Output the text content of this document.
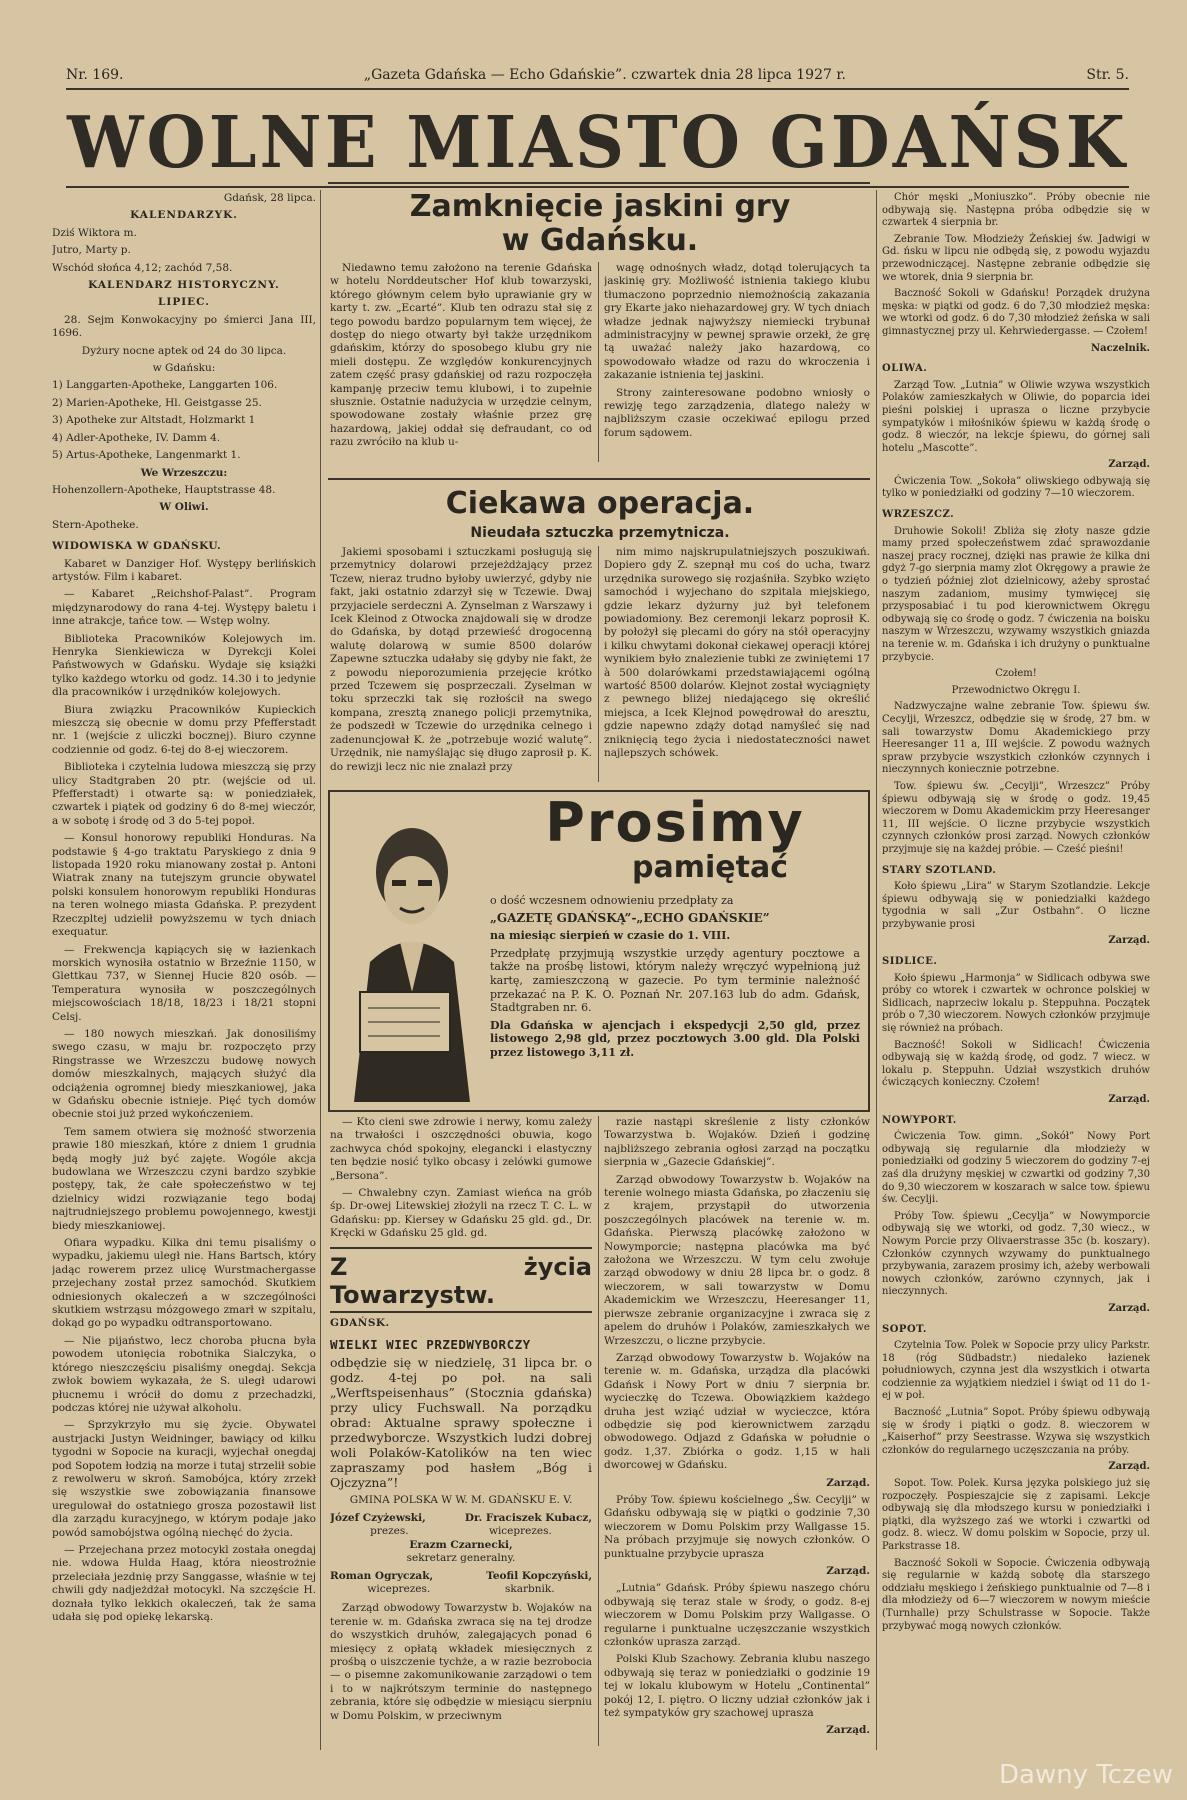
Nr. 169.	„Gazeta Gdańska — Echo Gdańskie”. czwartek dnia 28 lipca 1927 r.	Str. 5.
WOLNE MIASTO GDAŃSK

Gdańsk, 28 lipca.

KALENDARZYK.

Dziś Wiktora m.

Jutro, Marty p.

Wschód słońca 4,12; zachód 7,58.

KALENDARZ HISTORYCZNY.

LIPIEC.

28. Sejm Konwokacyjny po śmierci Jana III, 1696.

Dyżury nocne aptek od 24 do 30 lipca.

w Gdańsku:

1) Langgarten-Apotheke, Langgarten 106.

2) Marien-Apotheke, Hl. Geistgasse 25.

3) Apotheke zur Altstadt, Holzmarkt 1

4) Adler-Apotheke, IV. Damm 4.

5) Artus-Apotheke, Langenmarkt 1.

We Wrzeszczu:

Hohenzollern-Apotheke, Hauptstrasse 48.

W Oliwi.

Stern-Apotheke.

WIDOWISKA W GDAŃSKU.

Kabaret w Danziger Hof. Występy berlińskich artystów. Film i kabaret.

— Kabaret „Reichshof-Palast”. Program międzynarodowy do rana 4-tej. Występy baletu i inne atrakcje, tańce tow. — Wstęp wolny.

Biblioteka Pracowników Kolejowych im. Henryka Sienkiewicza w Dyrekcji Kolei Państwowych w Gdańsku. Wydaje się książki tylko każdego wtorku od godz. 14.30 i to jedynie dla pracowników i urzędników kolejowych.

Biura związku Pracowników Kupieckich mieszczą się obecnie w domu przy Pfefferstadt nr. 1 (wejście z uliczki bocznej). Biuro czynne codziennie od godz. 6-tej do 8-ej wieczorem.

Biblioteka i czytelnia ludowa mieszczą się przy ulicy Stadtgraben 20 ptr. (wejście od ul. Pfefferstadt) i otwarte są: w poniedziałek, czwartek i piątek od godziny 6 do 8-mej wieczór, a w sobotę i środę od 3 do 5-tej popoł.

— Konsul honorowy republiki Honduras. Na podstawie § 4-go traktatu Paryskiego z dnia 9 listopada 1920 roku mianowany został p. Antoni Wiatrak znany na tutejszym gruncie obywatel polski konsulem honorowym republiki Honduras na teren wolnego miasta Gdańska. P. prezydent Rzeczpltej udzielił powyższemu w tych dniach exequatur.

— Frekwencja kąpiących się w łazienkach morskich wynosiła ostatnio w Brzeźnie 1150, w Glettkau 737, w Siennej Hucie 820 osób. — Temperatura wynosiła w poszczególnych miejscowościach 18/18, 18/23 i 18/21 stopni Celsj.

— 180 nowych mieszkań. Jak donosiliśmy swego czasu, w maju br. rozpoczęto przy Ringstrasse we Wrzeszczu budowę nowych domów mieszkalnych, mających służyć dla odciążenia ogromnej biedy mieszkaniowej, jaka w Gdańsku obecnie istnieje. Pięć tych domów obecnie stoi już przed wykończeniem.

Tem samem otwiera się możność stworzenia prawie 180 mieszkań, które z dniem 1 grudnia będą mogły już być zajęte. Wogóle akcja budowlana we Wrzeszczu czyni bardzo szybkie postępy, tak, że całe społeczeństwo w tej dzielnicy widzi rozwiązanie tego bodaj najtrudniejszego problemu powojennego, kwestji biedy mieszkaniowej.

Ofiara wypadku. Kilka dni temu pisaliśmy o wypadku, jakiemu uległ nie. Hans Bartsch, który jadąc rowerem przez ulicę Wurstmachergasse przejechany został przez samochód. Skutkiem odniesionych okaleczeń a w szczególności skutkiem wstrząsu mózgowego zmarł w szpitalu, dokąd go po wypadku odtransportowano.

— Nie pijaństwo, lecz choroba płucna była powodem utonięcia robotnika Sialczyka, o którego nieszczęściu pisaliśmy onegdaj. Sekcja zwłok bowiem wykazała, że S. uległ udarowi płucnemu i wrócił do domu z przechadzki, podczas której nie używał alkoholu.

— Sprzykrzyło mu się życie. Obywatel austrjacki Justyn Weidninger, bawiący od kilku tygodni w Sopocie na kuracji, wyjechał onegdaj pod Sopotem łodzią na morze i tutaj strzelił sobie z rewolweru w skroń. Samobójca, który zrzekł się wszystkie swe zobowiązania finansowe uregulował do ostatniego grosza pozostawił list dla zarządu kuracyjnego, w którym podaje jako powód samobójstwa ogólną niechęć do życia.

— Przejechana przez motocykl została onegdaj nie. wdowa Hulda Haag, która nieostrożnie przeleciała jezdnię przy Sanggasse, właśnie w tej chwili gdy nadjeżdżał motocykl. Na szczęście H. doznała tylko lekkich okaleczeń, tak że sama udała się pod opiekę lekarską.

Zamknięcie jaskini gry
w Gdańsku.

Niedawno temu założono na terenie Gdańska w hotelu Norddeutscher Hof klub towarzyski, którego głównym celem było uprawianie gry w karty t. zw. „Ecarté”. Klub ten odrazu stał się z tego powodu bardzo popularnym tem więcej, że dostęp do niego otwarty był także urzędnikom gdańskim, którzy do sposobego klubu gry nie mieli dostępu. Ze względów konkurencyjnych zatem część prasy gdańskiej od razu rozpoczęła kampanję przeciw temu klubowi, i to zupełnie słusznie. Ostatnie nadużycia w urzędzie celnym, spowodowane zostały właśnie przez grę hazardową, jakiej oddał się defraudant, co od razu zwróciło na klub u-

wagę odnośnych władz, dotąd tolerujących ta jaskinię gry. Możliwość istnienia takiego klubu tłumaczono poprzednio niemożnością zakazania gry Ekarte jako niehazardowej gry. W tych dniach władze jednak najwyższy niemiecki trybunał administracyjny w pewnej sprawie orzekł, że grę tą uważać należy jako hazardową, co spowodowało władze od razu do wkroczenia i zakazanie istnienia tej jaskini.

Strony zainteresowane podobno wniosły o rewizję tego zarządzenia, dlatego należy w najbliższym czasie oczekiwać epilogu przed forum sądowem.

Ciekawa operacja.
Nieudała sztuczka przemytnicza.

Jakiemi sposobami i sztuczkami posługują się przemytnicy dolarowi przejeżdżający przez Tczew, nieraz trudno byłoby uwierzyć, gdyby nie fakt, jaki ostatnio zdarzył się w Tczewie. Dwaj przyjaciele serdeczni A. Zynselman z Warszawy i Icek Kleinod z Otwocka znajdowali się w drodze do Gdańska, by dotąd przewieść drogocenną walutę dolarową w sumie 8500 dolarów Zapewne sztuczka udałaby się gdyby nie fakt, że z powodu nieporozumienia przejęcie krótko przed Tczewem się posprzeczali. Zyselman w toku sprzeczki tak się rozłościł na swego kompana, zresztą znanego policji przemytnika, że podszedł w Tczewie do urzędnika celnego i zadenuncjował K. że „potrzebuje wozić walutę”. Urzędnik, nie namyślając się długo zaprosił p. K. do rewizji lecz nic nie znalazł przy

nim mimo najskrupulatniejszych poszukiwań. Dopiero gdy Z. szepnął mu coś do ucha, twarz urzędnika surowego się rozjaśniła. Szybko wzięto samochód i wyjechano do szpitala miejskiego, gdzie lekarz dyżurny już był telefonem powiadomiony. Bez ceremonji lekarz poprosił K. by położył się plecami do góry na stół operacyjny i kilku chwytami dokonał ciekawej operacji której wynikiem było znalezienie tubki ze zwiniętemi 17 à 500 dolarówkami przedstawiającemi ogólną wartość 8500 dolarów. Klejnot został wyciągnięty z pewnego bliżej niedającego się określić miejsca, a Icek Klejnod powędrował do aresztu, gdzie napewno zdąży dotąd namyśleć się nad zniknięcią tego życia i niedostateczności nawet najlepszych schówek.

Prosimy
pamiętać

o dość wczesnem odnowieniu przedpłaty za

„GAZETĘ GDAŃSKĄ”-„ECHO GDAŃSKIE”

na miesiąc sierpień w czasie do 1. VIII.

Przedpłatę przyjmują wszystkie urzędy agentury pocztowe a także na prośbę listowi, którym należy wręczyć wypełnioną już kartę, zamieszczoną w gazecie. Po tym terminie należność przekazać na P. K. O. Poznań Nr. 207.163 lub do adm. Gdańsk, Stadtgraben nr. 6.

Dla Gdańska w ajencjach i ekspedycji 2,50 gld, przez listowego 2,98 gld, przez pocztowych 3.00 gld. Dla Polski przez listowego 3,11 zł.

— Kto cieni swe zdrowie i nerwy, komu zależy na trwałości i oszczędności obuwia, kogo zachwyca chód spokojny, elegancki i elastyczny ten będzie nosić tylko obcasy i zelówki gumowe „Bersona”.

— Chwalebny czyn. Zamiast wieńca na grób śp. Dr-owej Litewskiej złożyli na rzecz T. C. L. w Gdańsku: pp. Kiersey w Gdańsku 25 gld. gd., Dr. Kręcki w Gdańsku 25 gld. gd.

Z życia Towarzystw.

GDAŃSK.

WIELKI WIEC PRZEDWYBORCZY

odbędzie się w niedzielę, 31 lipca br. o godz. 4-tej po poł. na sali „Werftspeisenhaus” (Stocznia gdańska) przy ulicy Fuchswall. Na porządku obrad: Aktualne sprawy społeczne i przedwyborcze. Wszystkich ludzi dobrej woli Polaków-Katolików na ten wiec zapraszamy pod hasłem „Bóg i Ojczyzna”!

GMINA POLSKA W W. M. GDAŃSKU E. V.

Józef Czyżewski,	Dr. Fraciszek Kubacz,
prezes.	wiceprezes.

Erazm Czarnecki,

sekretarz generalny.

Roman Ogryczak,	Teofil Kopczyński,
wiceprezes.	skarbnik.

Zarząd obwodowy Towarzystw b. Wojaków na terenie w. m. Gdańska zwraca się na tej drodze do wszystkich druhów, zalegających ponad 6 miesięcy z opłatą wkładek miesięcznych z prośbą o uiszczenie tychże, a w razie bezrobocia — o pisemne zakomunikowanie zarządowi o tem i to w najkrótszym terminie do następnego zebrania, które się odbędzie w miesiącu sierpniu w Domu Polskim, w przeciwnym

razie nastąpi skreślenie z listy członków Towarzystwa b. Wojaków. Dzień i godzinę najbliższego zebrania ogłosi zarząd na początku sierpnia w „Gazecie Gdańskiej”.

Zarząd obwodowy Towarzystw b. Wojaków na terenie wolnego miasta Gdańska, po złaczeniu się z krajem, przystąpił do utworzenia poszczególnych placówek na terenie w. m. Gdańska. Pierwszą placówkę założono w Nowymporcie; następna placówka ma być założona we Wrzeszczu. W tym celu zwołuje zarząd obwodowy w dniu 28 lipca br. o godz. 8 wieczorem, w sali towarzystw w Domu Akademickim we Wrzeszczu, Heeresanger 11, pierwsze zebranie organizacyjne i zwraca się z apelem do druhów i Polaków, zamieszkałych we Wrzeszczu, o liczne przybycie.

Zarząd obwodowy Towarzystw b. Wojaków na terenie w. m. Gdańska, urządza dla placówki Gdańsk i Nowy Port w dniu 7 sierpnia br. wycieczkę do Tczewa. Obowiązkiem każdego druha jest wziąć udział w wycieczce, która odbędzie się pod kierownictwem zarządu obwodowego. Odjazd z Gdańska w południe o godz. 1,37. Zbiórka o godz. 1,15 w hali dworcowej w Gdańsku.

Zarząd.

Próby Tow. śpiewu kościelnego „Św. Cecylji” w Gdańsku odbywają się w piątki o godzinie 7,30 wieczorem w Domu Polskim przy Wallgasse 15. Na próbach przyjmuje się nowych członków. O punktualne przybycie uprasza

Zarząd.

„Lutnia” Gdańsk. Próby śpiewu naszego chóru odbywają się teraz stale w środy, o godz. 8-ej wieczorem w Domu Polskim przy Wallgasse. O regularne i punktualne uczęszczanie wszystkich członków uprasza zarząd.

Polski Klub Szachowy. Zebrania klubu naszego odbywają się teraz w poniedziałki o godzinie 19 tej w lokalu klubowym w Hotelu „Continental” pokój 12, I. piętro. O liczny udział członków jak i też sympatyków gry szachowej uprasza

Zarząd.

Chór męski „Moniuszko”. Próby obecnie nie odbywają się. Następna próba odbędzie się w czwartek 4 sierpnia br.

Zebranie Tow. Młodzieży Żeńskiej św. Jadwigi w Gd. ńsku w lipcu nie odbędą się, z powodu wyjazdu przewodniczącej. Następne zebranie odbędzie się we wtorek, dnia 9 sierpnia br.

Baczność Sokoli w Gdańsku! Porządek drużyna męska: w piątki od godz. 6 do 7,30 młodzież męska: we wtorki od godz. 6 do 7,30 młodzież żeńska w sali gimnastycznej przy ul. Kehrwiedergasse. — Czołem!

Naczelnik.

OLIWA.

Zarząd Tow. „Lutnia” w Oliwie wzywa wszystkich Polaków zamieszkałych w Oliwie, do poparcia idei pieśni polskiej i uprasza o liczne przybycie sympatyków i miłośników śpiewu w każdą środę o godz. 8 wieczór, na lekcje śpiewu, do górnej sali hotelu „Mascotte”.

Zarząd.

Ćwiczenia Tow. „Sokoła” oliwskiego odbywają się tylko w poniedziałki od godziny 7—10 wieczorem.

WRZESZCZ.

Druhowie Sokoli! Zbliża się złoty nasze gdzie mamy przed społeczeństwem zdać sprawozdanie naszej pracy rocznej, dzięki nas prawie że kilka dni gdyż 7-go sierpnia mamy zlot Okręgowy a prawie że o tydzień później zlot dzielnicowy, ażeby sprostać naszym zadaniom, musimy tymwięcej się przysposabiać i tu pod kierownictwem Okręgu odbywają się co środę o godz. 7 ćwiczenia na boisku naszym w Wrzeszczu, wzywamy wszystkich gniazda na terenie w. m. Gdańska i ich drużyny o punktualne przybycie.

Czołem!

Przewodnictwo Okręgu I.

Nadzwyczajne walne zebranie Tow. śpiewu św. Cecylji, Wrzeszcz, odbędzie się w środę, 27 bm. w sali towarzystw Domu Akademickiego przy Heeresanger 11 a, III wejście. Z powodu ważnych spraw przybycie wszystkich członków czynnych i nieczynnych koniecznie potrzebne.

Tow. śpiewu św. „Cecylji”, Wrzeszcz” Próby śpiewu odbywają się w środę o godz. 19,45 wieczorem w Domu Akademickim przy Heeresanger 11, III wejście. O liczne przybycie wszystkich czynnych członków prosi zarząd. Nowych członków przyjmuje się na każdej próbie. — Cześć pieśni!

STARY SZOTLAND.

Koło śpiewu „Lira” w Starym Szotlandzie. Lekcje śpiewu odbywają się w poniedziałki każdego tygodnia w sali „Zur Ostbahn”. O liczne przybywanie prosi

Zarząd.

SIDLICE.

Koło śpiewu „Harmonja” w Sidlicach odbywa swe próby co wtorek i czwartek w ochronce polskiej w Sidlicach, naprzeciw lokalu p. Steppuhna. Początek prób o 7,30 wieczorem. Nowych członków przyjmuje się również na próbach.

Baczność! Sokoli w Sidlicach! Ćwiczenia odbywają się w każdą środę, od godz. 7 wiecz. w lokalu p. Steppuhn. Udział wszystkich druhów ćwiczących konieczny. Czołem!

Zarząd.

NOWYPORT.

Ćwiczenia Tow. gimn. „Sokół” Nowy Port odbywają się regularnie dla młodzieży w poniedziałki od godziny 5 wieczorem do godziny 7-ej zaś dla drużyny męskiej w czwartki od godziny 7,30 do 9,30 wieczorem w koszarach w salce tow. śpiewu św. Cecylji.

Próby Tow. śpiewu „Cecylja” w Nowymporcie odbywają się we wtorki, od godz. 7,30 wiecz., w Nowym Porcie przy Olivaerstrasse 35c (b. koszary). Członków czynnych wzywamy do punktualnego przybywania, zarazem prosimy ich, ażeby werbowali nowych członków, zarówno czynnych, jak i nieczynnych.

Zarząd.

SOPOT.

Czytelnia Tow. Polek w Sopocie przy ulicy Parkstr. 18 (róg Südbadstr.) niedaleko łazienek południowych, czynna jest dla wszystkich i otwarta codziennie za wyjątkiem niedziel i świąt od 11 do 1-ej w poł.

Baczność „Lutnia” Sopot. Próby śpiewu odbywają się w środy i piątki o godz. 8. wieczorem w „Kaiserhof” przy Seestrasse. Wzywa się wszystkich członków do regularnego uczęszczania na próby.

Zarząd.

Sopot. Tow. Polek. Kursa języka polskiego już się rozpoczęły. Pospieszajcie się z zapisami. Lekcje odbywają się dla młodszego kursu w poniedziałki i piątki, dla wyższego zaś we wtorki i czwartki od godz. 8. wiecz. W domu polskim w Sopocie, przy ul. Parkstrasse 18.

Baczność Sokoli w Sopocie. Ćwiczenia odbywają się regularnie w każdą sobotę dla starszego oddziału męskiego i żeńskiego punktualnie od 7—8 i dla młodzieży od 6—7 wieczorem w nowym mieście (Turnhalle) przy Schulstrasse w Sopocie. Także przybywać mogą nowych członków.

Dawny Tczew
